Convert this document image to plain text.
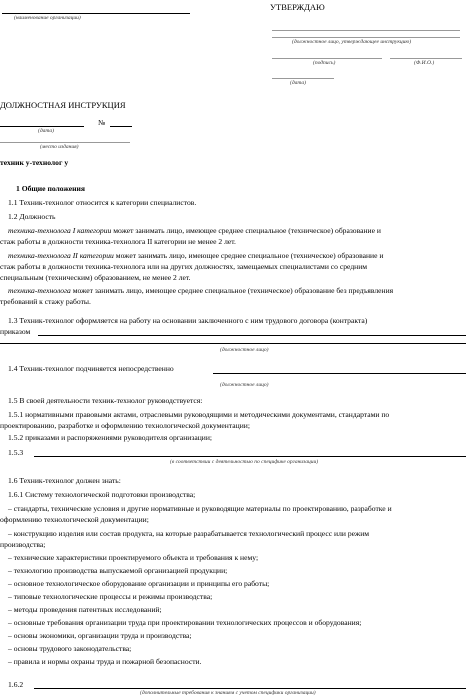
(наименование организации)
УТВЕРЖДАЮ
(должностное лицо, утверждающее инструкцию)
(подпись)	(Ф.И.О.)
(дата)
ДОЛЖНОСТНАЯ ИНСТРУКЦИЯ
№
(дата)
(место издания)
техник у-технолог у
1 Общие положения
1.1 Техник-технолог относится к категории специалистов.
1.2 Должность
техника-технолога I категории может занимать лицо, имеющее среднее специальное (техническое) образование и
стаж работы в должности техника-технолога II категории не менее 2 лет.
техника-технолога II категории может занимать лицо, имеющее среднее специальное (техническое) образование и
стаж работы в должности техника-технолога или на других должностях, замещаемых специалистами со средним
специальным (техническим) образованием, не менее 2 лет.
техника-технолога может занимать лицо, имеющее среднее специальное (техническое) образование без предъявления
требований к стажу работы.
1.3 Техник-технолог оформляется на работу на основании заключенного с ним трудового договора (контракта)
приказом
(должностное лицо)
1.4 Техник-технолог подчиняется непосредственно
(должностное лицо)
1.5 В своей деятельности техник-технолог руководствуется:
1.5.1 нормативными правовыми актами, отраслевыми руководящими и методическими документами, стандартами по
проектированию, разработке и оформлению технологической документации;
1.5.2 приказами и распоряжениями руководителя организации;
1.5.3
(в соответствии с деятельностью по специфике организации)
1.6 Техник-технолог должен знать:
1.6.1 Систему технологической подготовки производства;
– стандарты, технические условия и другие нормативные и руководящие материалы по проектированию, разработке и
оформлению технологической документации;
– конструкцию изделия или состав продукта, на которые разрабатывается технологический процесс или режим
производства;
– технические характеристики проектируемого объекта и требования к нему;
– технологию производства выпускаемой организацией продукции;
– основное технологическое оборудование организации и принципы его работы;
– типовые технологические процессы и режимы производства;
– методы проведения патентных исследований;
– основные требования организации труда при проектировании технологических процессов и оборудования;
– основы экономики, организации труда и производства;
– основы трудового законодательства;
– правила и нормы охраны труда и пожарной безопасности.
1.6.2
(дополнительные требования к знаниям с учетом специфики организации)
